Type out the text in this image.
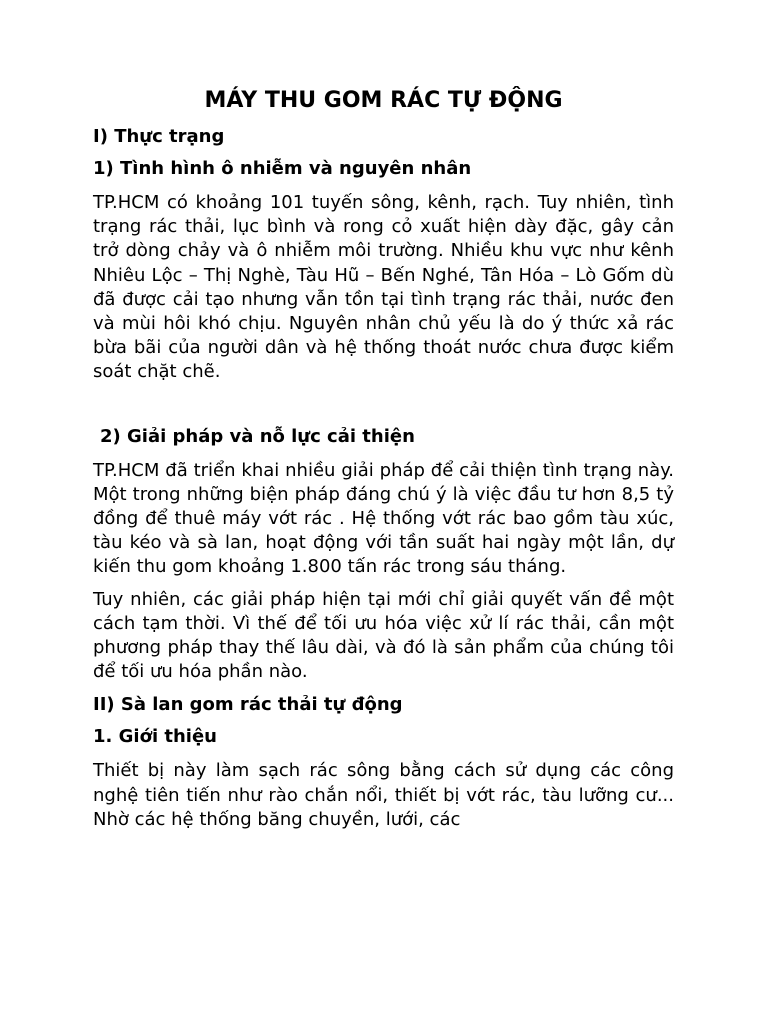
MÁY THU GOM RÁC TỰ ĐỘNG
I) Thực trạng
1) Tình hình ô nhiễm và nguyên nhân
TP.HCM có khoảng 101 tuyến sông, kênh, rạch. Tuy nhiên, tình trạng rác thải, lục bình và rong cỏ xuất hiện dày đặc, gây cản trở dòng chảy và ô nhiễm môi trường. Nhiều khu vực như kênh Nhiêu Lộc – Thị Nghè, Tàu Hũ – Bến Nghé, Tân Hóa – Lò Gốm dù đã được cải tạo nhưng vẫn tồn tại tình trạng rác thải, nước đen và mùi hôi khó chịu. Nguyên nhân chủ yếu là do ý thức xả rác bừa bãi của người dân và hệ thống thoát nước chưa được kiểm soát chặt chẽ.
2) Giải pháp và nỗ lực cải thiện
TP.HCM đã triển khai nhiều giải pháp để cải thiện tình trạng này. Một trong những biện pháp đáng chú ý là việc đầu tư hơn 8,5 tỷ đồng để thuê máy vớt rác . Hệ thống vớt rác bao gồm tàu xúc, tàu kéo và sà lan, hoạt động với tần suất hai ngày một lần, dự kiến thu gom khoảng 1.800 tấn rác trong sáu tháng.
Tuy nhiên, các giải pháp hiện tại mới chỉ giải quyết vấn đề một cách tạm thời. Vì thế để tối ưu hóa việc xử lí rác thải, cần một phương pháp thay thế lâu dài, và đó là sản phẩm của chúng tôi để tối ưu hóa phần nào.
II) Sà lan gom rác thải tự động
1. Giới thiệu
Thiết bị này làm sạch rác sông bằng cách sử dụng các công nghệ tiên tiến như rào chắn nổi, thiết bị vớt rác, tàu lưỡng cư... Nhờ các hệ thống băng chuyền, lưới, các
